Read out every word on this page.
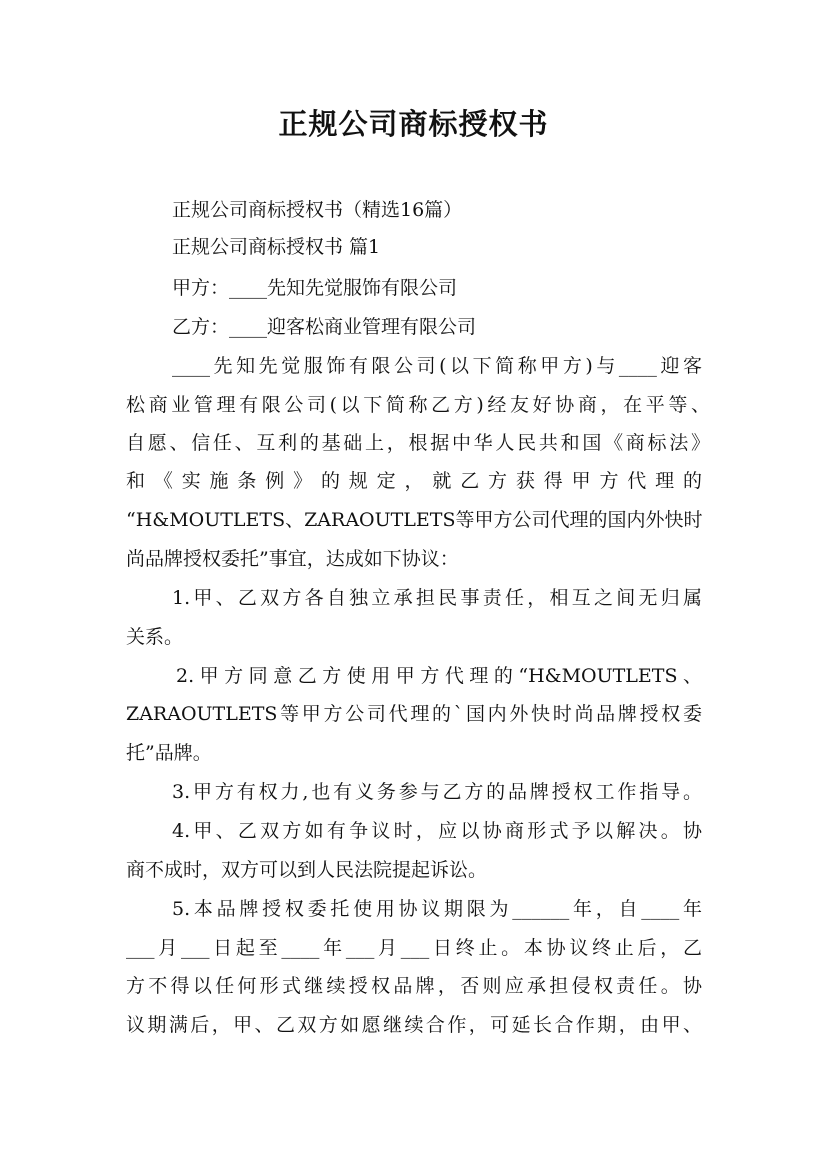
正规公司商标授权书
正规公司商标授权书（精选16篇）
正规公司商标授权书 篇1
甲方：____先知先觉服饰有限公司
乙方：____迎客松商业管理有限公司
____先知先觉服饰有限公司(以下简称甲方)与____迎客
松商业管理有限公司(以下简称乙方)经友好协商，在平等、
自愿、信任、互利的基础上，根据中华人民共和国《商标法》
和《实施条例》的规定，就乙方获得甲方代理的
“H&MOUTLETS、ZARAOUTLETS等甲方公司代理的国内外快时
尚品牌授权委托”事宜，达成如下协议：
1.甲、乙双方各自独立承担民事责任，相互之间无归属
关系。
2.甲方同意乙方使用甲方代理的“H&MOUTLETS、
ZARAOUTLETS等甲方公司代理的`国内外快时尚品牌授权委
托”品牌。
3.甲方有权力,也有义务参与乙方的品牌授权工作指导。
4.甲、乙双方如有争议时，应以协商形式予以解决。协
商不成时，双方可以到人民法院提起诉讼。
5.本品牌授权委托使用协议期限为______年，自____年
___月___日起至____年___月___日终止。本协议终止后，乙
方不得以任何形式继续授权品牌，否则应承担侵权责任。协
议期满后，甲、乙双方如愿继续合作，可延长合作期，由甲、
